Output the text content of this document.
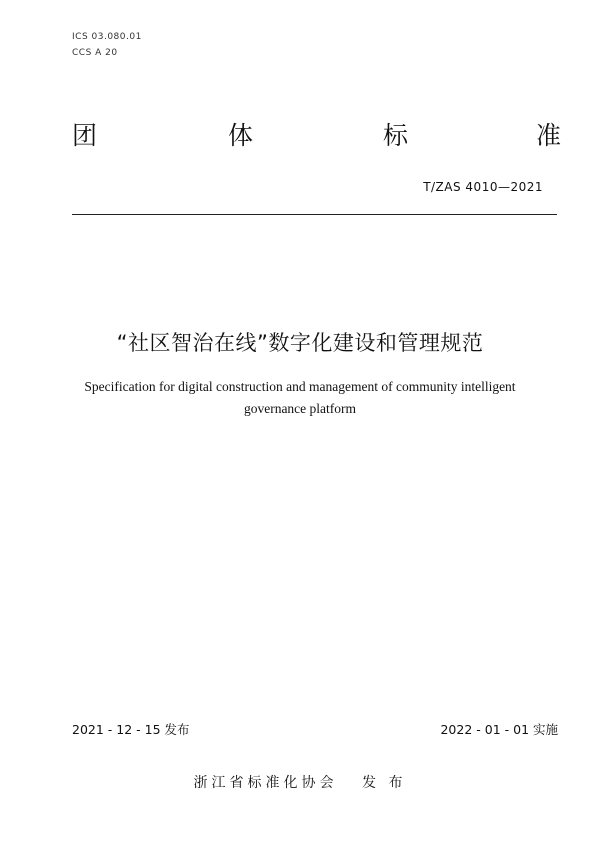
ICS 03.080.01
CCS A 20
团	体	标	准
T/ZAS 4010—2021
“社区智治在线”数字化建设和管理规范
Specification for digital construction and management of community intelligent
governance platform
2021 - 12 - 15 发布	2022 - 01 - 01 实施
浙江省标准化协会 发 布
